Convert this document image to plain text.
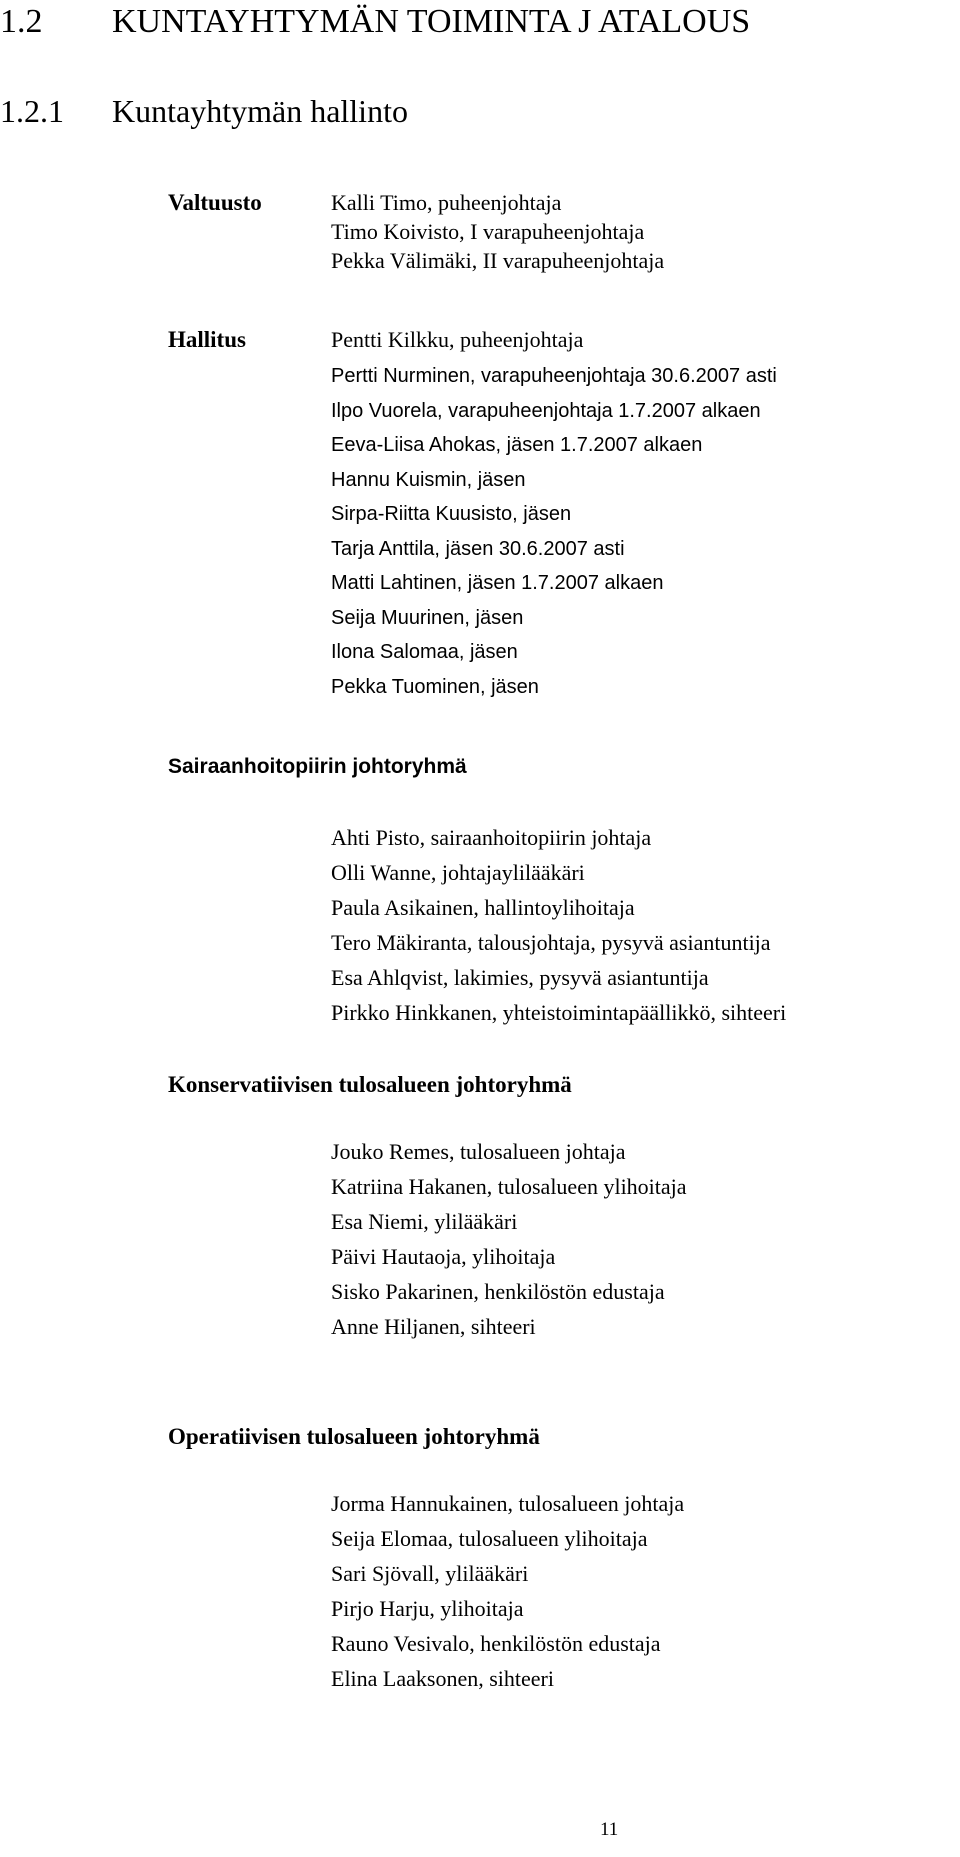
1.2 KUNTAYHTYMÄN TOIMINTA J ATALOUS
1.2.1 Kuntayhtymän hallinto
Valtuusto	Kalli Timo, puheenjohtaja
Timo Koivisto, I varapuheenjohtaja
Pekka Välimäki, II varapuheenjohtaja
Hallitus	Pentti Kilkku, puheenjohtaja
Pertti Nurminen, varapuheenjohtaja 30.6.2007 asti
Ilpo Vuorela, varapuheenjohtaja 1.7.2007 alkaen
Eeva-Liisa Ahokas, jäsen 1.7.2007 alkaen
Hannu Kuismin, jäsen
Sirpa-Riitta Kuusisto, jäsen
Tarja Anttila, jäsen 30.6.2007 asti
Matti Lahtinen, jäsen 1.7.2007 alkaen
Seija Muurinen, jäsen
Ilona Salomaa, jäsen
Pekka Tuominen, jäsen
Sairaanhoitopiirin johtoryhmä
Ahti Pisto, sairaanhoitopiirin johtaja
Olli Wanne, johtajaylilääkäri
Paula Asikainen, hallintoylihoitaja
Tero Mäkiranta, talousjohtaja, pysyvä asiantuntija
Esa Ahlqvist, lakimies, pysyvä asiantuntija
Pirkko Hinkkanen, yhteistoimintapäällikkö, sihteeri
Konservatiivisen tulosalueen johtoryhmä
Jouko Remes, tulosalueen johtaja
Katriina Hakanen, tulosalueen ylihoitaja
Esa Niemi, ylilääkäri
Päivi Hautaoja, ylihoitaja
Sisko Pakarinen, henkilöstön edustaja
Anne Hiljanen, sihteeri
Operatiivisen tulosalueen johtoryhmä
Jorma Hannukainen, tulosalueen johtaja
Seija Elomaa, tulosalueen ylihoitaja
Sari Sjövall, ylilääkäri
Pirjo Harju, ylihoitaja
Rauno Vesivalo, henkilöstön edustaja
Elina Laaksonen, sihteeri
11
